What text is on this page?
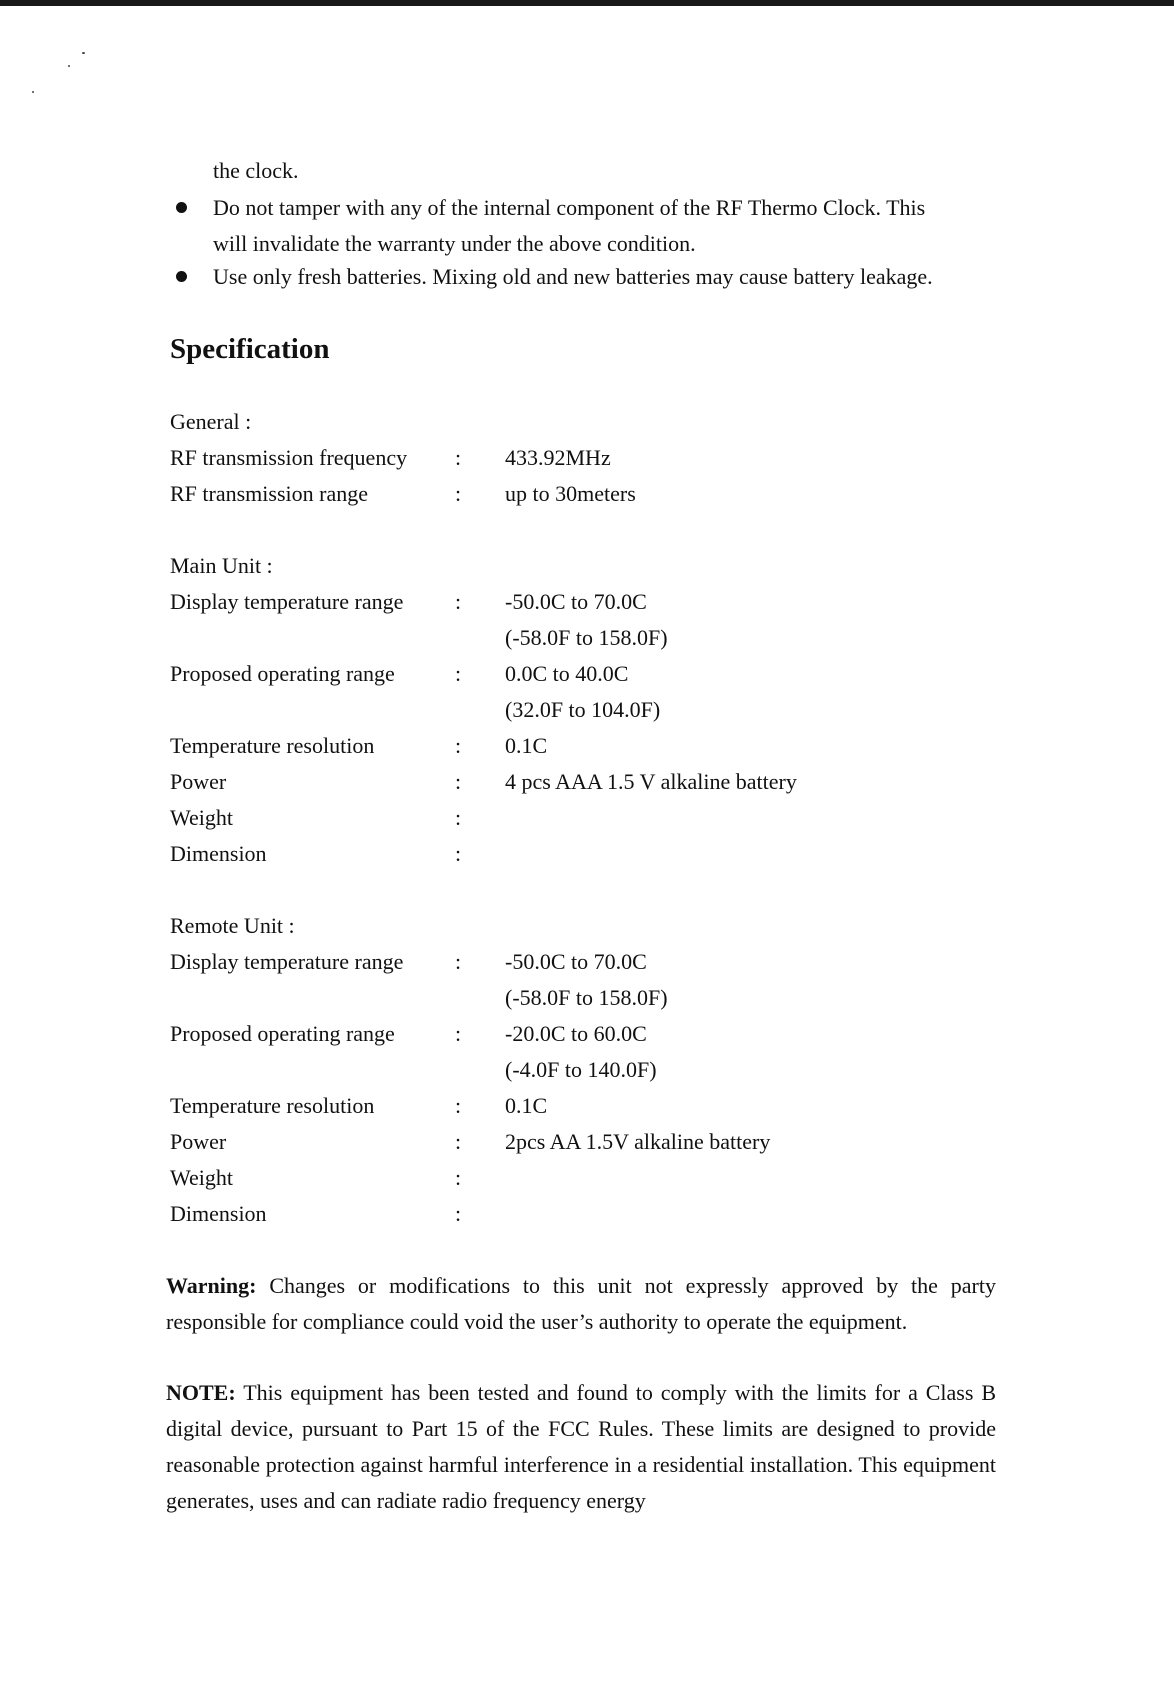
the clock.
Do not tamper with any of the internal component of the RF Thermo Clock. This
will invalidate the warranty under the above condition.
Use only fresh batteries. Mixing old and new batteries may cause battery leakage.
Specification
General :
RF transmission frequency : 433.92MHz
RF transmission range	: up to 30meters
Main Unit :
Display temperature range : -50.0C to 70.0C
(-58.0F to 158.0F)
Proposed operating range	: 0.0C to 40.0C
(32.0F to 104.0F)
Temperature resolution	: 0.1C
Power	: 4 pcs AAA 1.5 V alkaline battery
Weight	:
Dimension	:
Remote Unit :
Display temperature range : -50.0C to 70.0C
(-58.0F to 158.0F)
Proposed operating range	: -20.0C to 60.0C
(-4.0F to 140.0F)
Temperature resolution	: 0.1C
Power	: 2pcs AA 1.5V alkaline battery
Weight	:
Dimension	:
Warning: Changes or modifications to this unit not expressly approved by the party responsible for compliance could void the user’s authority to operate the equipment.
NOTE: This equipment has been tested and found to comply with the limits for a Class B digital device, pursuant to Part 15 of the FCC Rules. These limits are designed to provide reasonable protection against harmful interference in a residential installation. This equipment generates, uses and can radiate radio frequency energy
